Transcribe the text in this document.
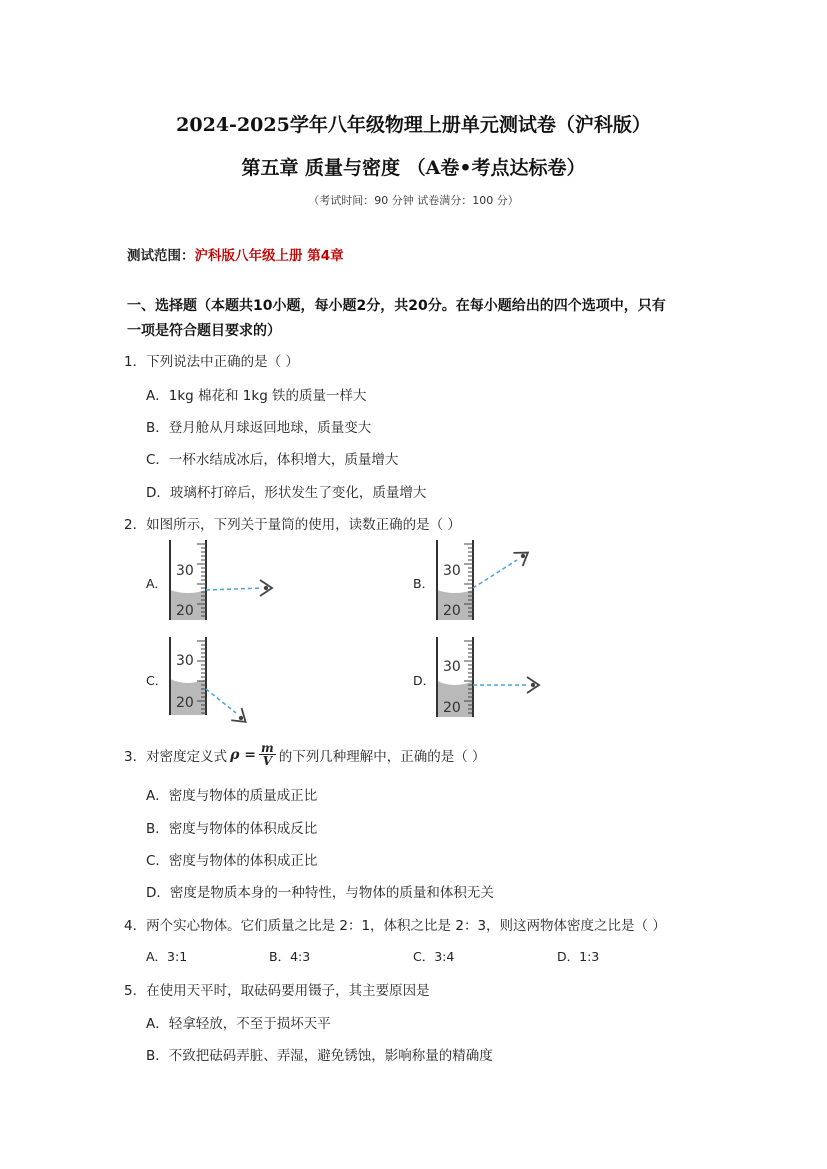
2024-2025学年八年级物理上册单元测试卷（沪科版）
第五章 质量与密度 （A卷•考点达标卷）
（考试时间：90 分钟 试卷满分：100 分）
测试范围：沪科版八年级上册 第4章
一、选择题（本题共10小题，每小题2分，共20分。在每小题给出的四个选项中，只有
一项是符合题目要求的）
1．下列说法中正确的是（ ）
A．1kg 棉花和 1kg 铁的质量一样大
B．登月舱从月球返回地球，质量变大
C．一杯水结成冰后，体积增大，质量增大
D．玻璃杯打碎后，形状发生了变化，质量增大
2．如图所示，下列关于量筒的使用，读数正确的是（ ）
A．	B．
C．	D．
30
20
30
20
30
20
30
20
3．对密度定义式 $\rho = \frac{m}{V}$ 的下列几种理解中，正确的是（ ）
A．密度与物体的质量成正比
B．密度与物体的体积成反比
C．密度与物体的体积成正比
D．密度是物质本身的一种特性，与物体的质量和体积无关
4．两个实心物体。它们质量之比是 2：1，体积之比是 2：3，则这两物体密度之比是（ ）
A．3:1	B．4:3	C．3:4	D．1:3
5．在使用天平时，取砝码要用镊子，其主要原因是
A．轻拿轻放，不至于损坏天平
B．不致把砝码弄脏、弄湿，避免锈蚀，影响称量的精确度
